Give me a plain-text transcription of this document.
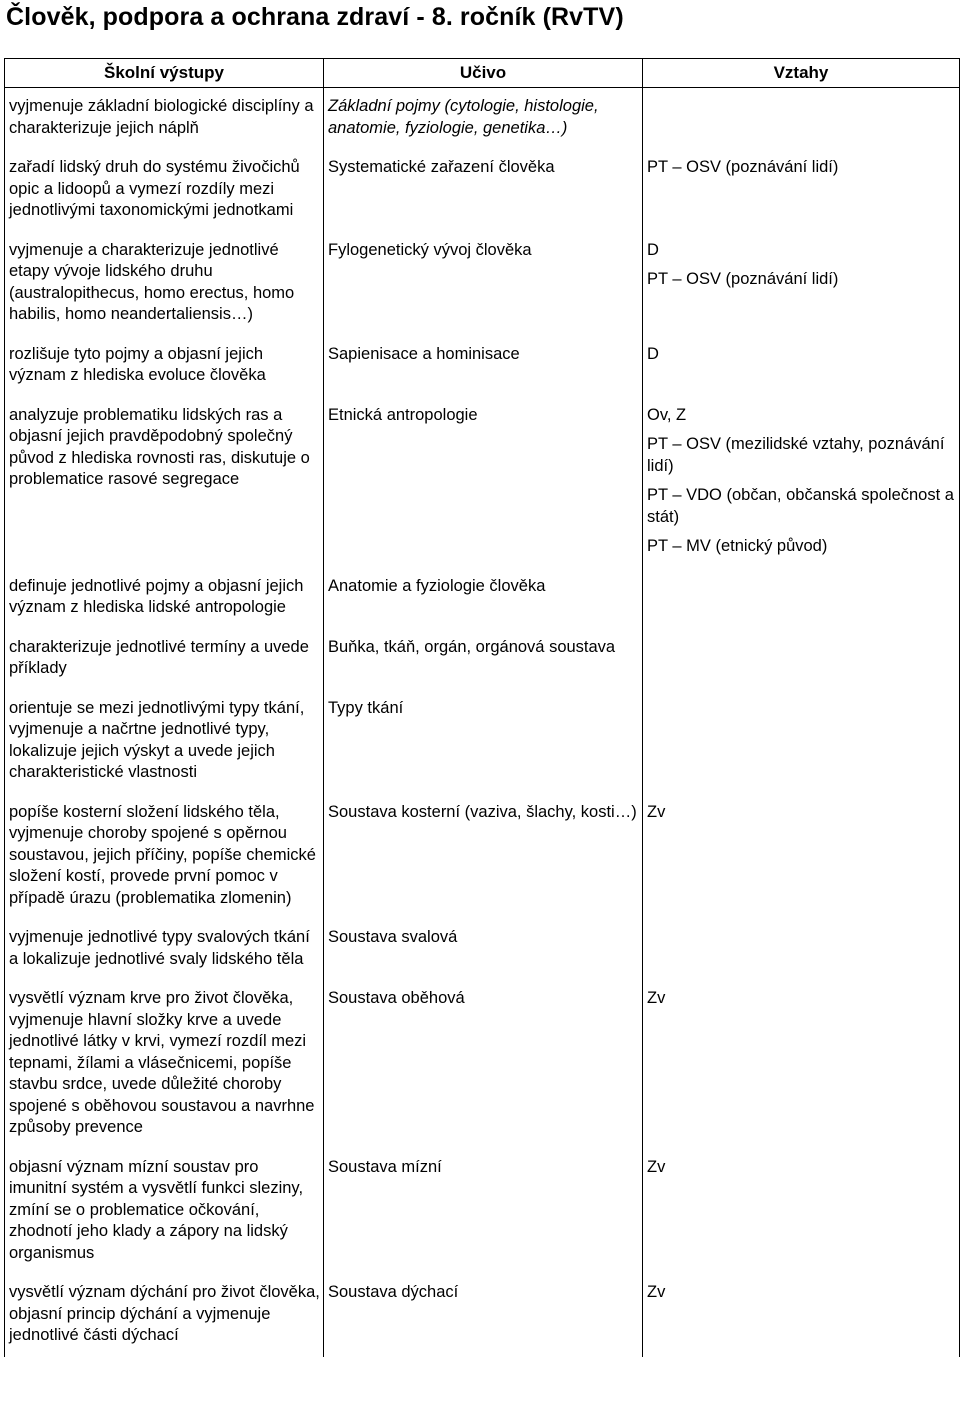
Člověk, podpora a ochrana zdraví - 8. ročník (RvTV)
Školní výstupy	Učivo	Vztahy
vyjmenuje základní biologické disciplíny a charakterizuje jejich náplň	Základní pojmy (cytologie, histologie, anatomie, fyziologie, genetika…)	
zařadí lidský druh do systému živočichů opic a lidoopů a vymezí rozdíly mezi jednotlivými taxonomickými jednotkami	Systematické zařazení člověka	PT – OSV (poznávání lidí)

vyjmenuje a charakterizuje jednotlivé etapy vývoje lidského druhu (australopithecus, homo erectus, homo habilis, homo neandertaliensis…)	Fylogenetický vývoj člověka	D
PT – OSV (poznávání lidí)

rozlišuje tyto pojmy a objasní jejich význam z hlediska evoluce člověka	Sapienisace a hominisace	D

analyzuje problematiku lidských ras a objasní jejich pravděpodobný společný původ z hlediska rovnosti ras, diskutuje o problematice rasové segregace	Etnická antropologie	Ov, Z
PT – OSV (mezilidské vztahy, poznávání lidí)
PT – VDO (občan, občanská společnost a stát)
PT – MV (etnický původ)

definuje jednotlivé pojmy a objasní jejich význam z hlediska lidské antropologie	Anatomie a fyziologie člověka	
charakterizuje jednotlivé termíny a uvede příklady	Buňka, tkáň, orgán, orgánová soustava	
orientuje se mezi jednotlivými typy tkání, vyjmenuje a načrtne jednotlivé typy, lokalizuje jejich výskyt a uvede jejich charakteristické vlastnosti	Typy tkání	
popíše kosterní složení lidského těla, vyjmenuje choroby spojené s opěrnou soustavou, jejich příčiny, popíše chemické složení kostí, provede první pomoc v případě úrazu (problematika zlomenin)	Soustava kosterní (vaziva, šlachy, kosti…)	Zv

vyjmenuje jednotlivé typy svalových tkání a lokalizuje jednotlivé svaly lidského těla	Soustava svalová	
vysvětlí význam krve pro život člověka, vyjmenuje hlavní složky krve a uvede jednotlivé látky v krvi, vymezí rozdíl mezi tepnami, žílami a vlásečnicemi, popíše stavbu srdce, uvede důležité choroby spojené s oběhovou soustavou a navrhne způsoby prevence	Soustava oběhová	Zv

objasní význam mízní soustav pro imunitní systém a vysvětlí funkci sleziny, zmíní se o problematice očkování, zhodnotí jeho klady a zápory na lidský organismus	Soustava mízní	Zv

vysvětlí význam dýchání pro život člověka, objasní princip dýchání a vyjmenuje jednotlivé části dýchací	Soustava dýchací	Zv
